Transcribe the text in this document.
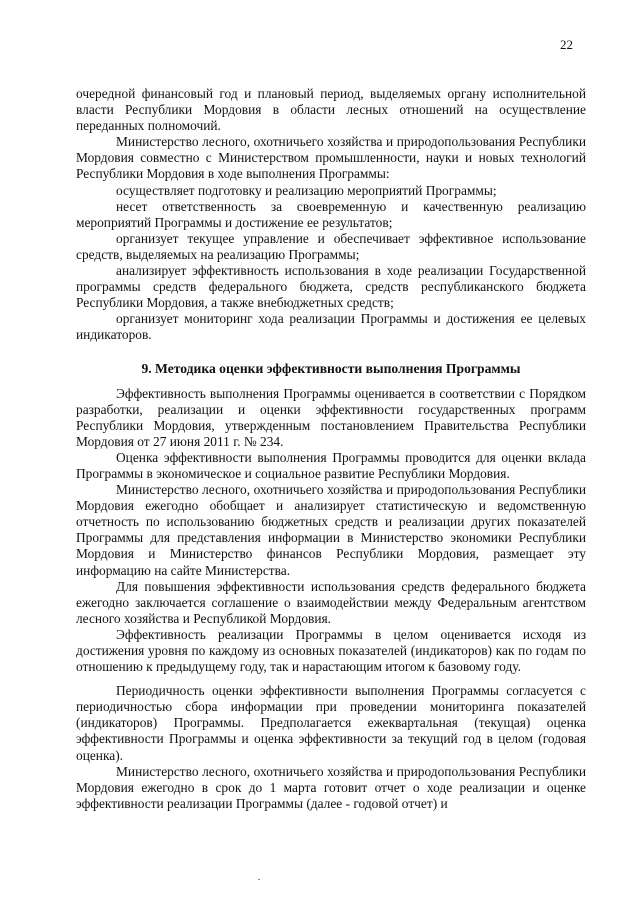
22

очередной финансовый год и плановый период, выделяемых органу исполнительной власти Республики Мордовия в области лесных отношений на осуществление переданных полномочий.

Министерство лесного, охотничьего хозяйства и природопользования Республики Мордовия совместно с Министерством промышленности, науки и новых технологий Республики Мордовия в ходе выполнения Программы:

осуществляет подготовку и реализацию мероприятий Программы;

несет ответственность за своевременную и качественную реализацию мероприятий Программы и достижение ее результатов;

организует текущее управление и обеспечивает эффективное использование средств, выделяемых на реализацию Программы;

анализирует эффективность использования в ходе реализации Государственной программы средств федерального бюджета, средств республиканского бюджета Республики Мордовия, а также внебюджетных средств;

организует мониторинг хода реализации Программы и достижения ее целевых индикаторов.

9. Методика оценки эффективности выполнения Программы

Эффективность выполнения Программы оценивается в соответствии с Порядком разработки, реализации и оценки эффективности государственных программ Республики Мордовия, утвержденным постановлением Правительства Республики Мордовия от 27 июня 2011 г. № 234.

Оценка эффективности выполнения Программы проводится для оценки вклада Программы в экономическое и социальное развитие Республики Мордовия.

Министерство лесного, охотничьего хозяйства и природопользования Республики Мордовия ежегодно обобщает и анализирует статистическую и ведомственную отчетность по использованию бюджетных средств и реализации других показателей Программы для представления информации в Министерство экономики Республики Мордовия и Министерство финансов Республики Мордовия, размещает эту информацию на сайте Министерства.

Для повышения эффективности использования средств федерального бюджета ежегодно заключается соглашение о взаимодействии между Федеральным агентством лесного хозяйства и Республикой Мордовия.

Эффективность реализации Программы в целом оценивается исходя из достижения уровня по каждому из основных показателей (индикаторов) как по годам по отношению к предыдущему году, так и нарастающим итогом к базовому году.

Периодичность оценки эффективности выполнения Программы согласуется с периодичностью сбора информации при проведении мониторинга показателей (индикаторов) Программы. Предполагается ежеквартальная (текущая) оценка эффективности Программы и оценка эффективности за текущий год в целом (годовая оценка).

Министерство лесного, охотничьего хозяйства и природопользования Республики Мордовия ежегодно в срок до 1 марта готовит отчет о ходе реализации и оценке эффективности реализации Программы (далее - годовой отчет) и
